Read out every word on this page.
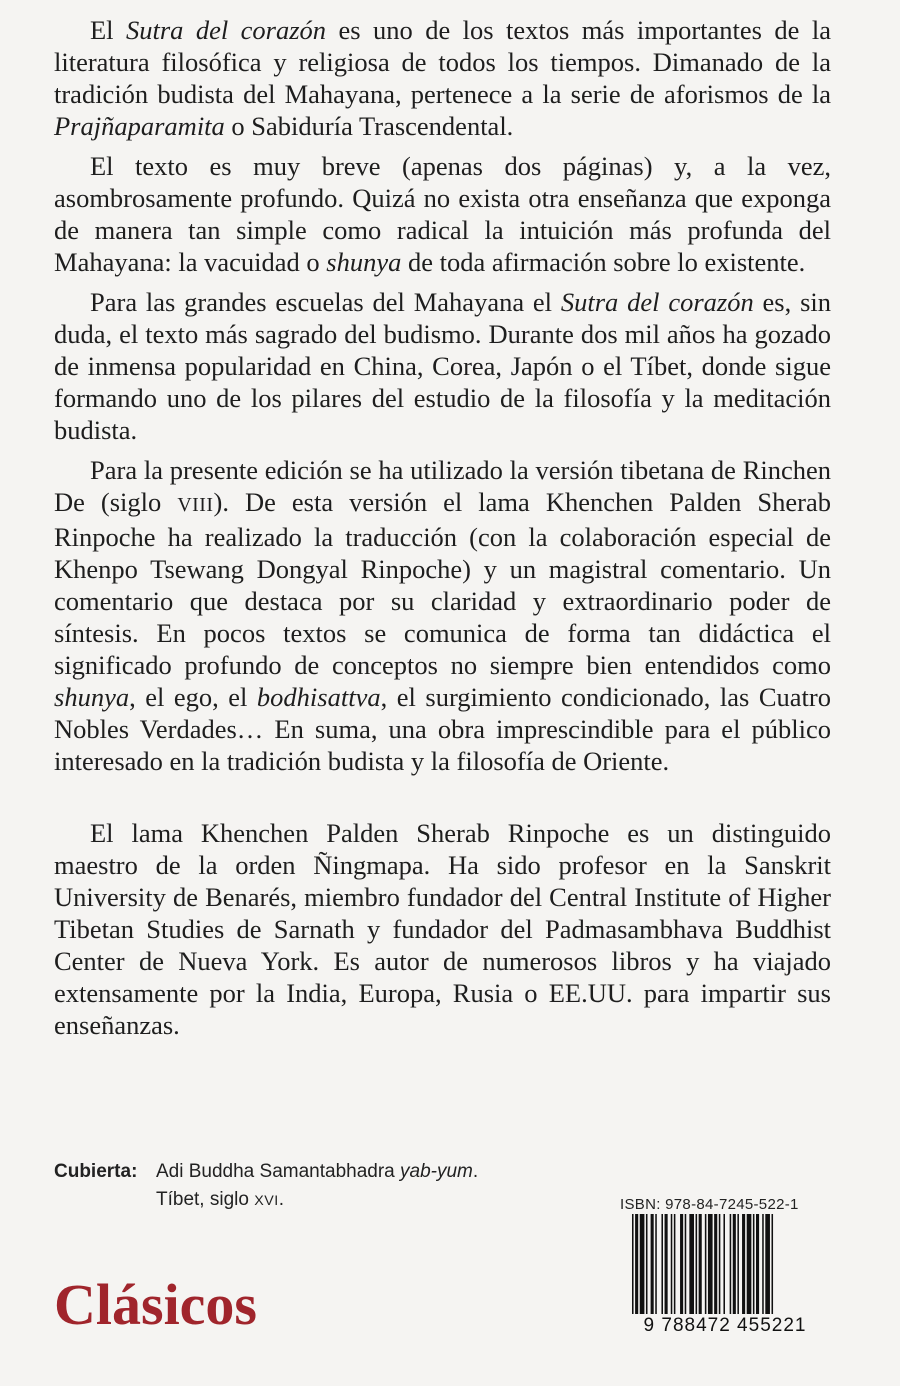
El Sutra del corazón es uno de los textos más importantes de la literatura filosófica y religiosa de todos los tiempos. Dimanado de la tradición budista del Mahayana, pertenece a la serie de aforismos de la Prajñaparamita o Sabiduría Trascendental.

El texto es muy breve (apenas dos páginas) y, a la vez, asombrosamente profundo. Quizá no exista otra enseñanza que exponga de manera tan simple como radical la intuición más profunda del Mahayana: la vacuidad o shunya de toda afirmación sobre lo existente.

Para las grandes escuelas del Mahayana el Sutra del corazón es, sin duda, el texto más sagrado del budismo. Durante dos mil años ha gozado de inmensa popularidad en China, Corea, Japón o el Tíbet, donde sigue formando uno de los pilares del estudio de la filosofía y la meditación budista.

Para la presente edición se ha utilizado la versión tibetana de Rinchen De (siglo VIII). De esta versión el lama Khenchen Palden Sherab Rinpoche ha realizado la traducción (con la colaboración especial de Khenpo Tsewang Dongyal Rinpoche) y un magistral comentario. Un comentario que destaca por su claridad y extraordinario poder de síntesis. En pocos textos se comunica de forma tan didáctica el significado profundo de conceptos no siempre bien entendidos como shunya, el ego, el bodhisattva, el surgimiento condicionado, las Cuatro Nobles Verdades… En suma, una obra imprescindible para el público interesado en la tradición budista y la filosofía de Oriente.

El lama Khenchen Palden Sherab Rinpoche es un distinguido maestro de la orden Ñingmapa. Ha sido profesor en la Sanskrit University de Benarés, miembro fundador del Central Institute of Higher Tibetan Studies de Sarnath y fundador del Padmasambhava Buddhist Center de Nueva York. Es autor de numerosos libros y ha viajado extensamente por la India, Europa, Rusia o EE.UU. para impartir sus enseñanzas.

Cubierta: Adi Buddha Samantabhadra yab-yum.
Tíbet, siglo XVI.	ISBN: 978-84-7245-522-1
9 788472 455221
Clásicos
